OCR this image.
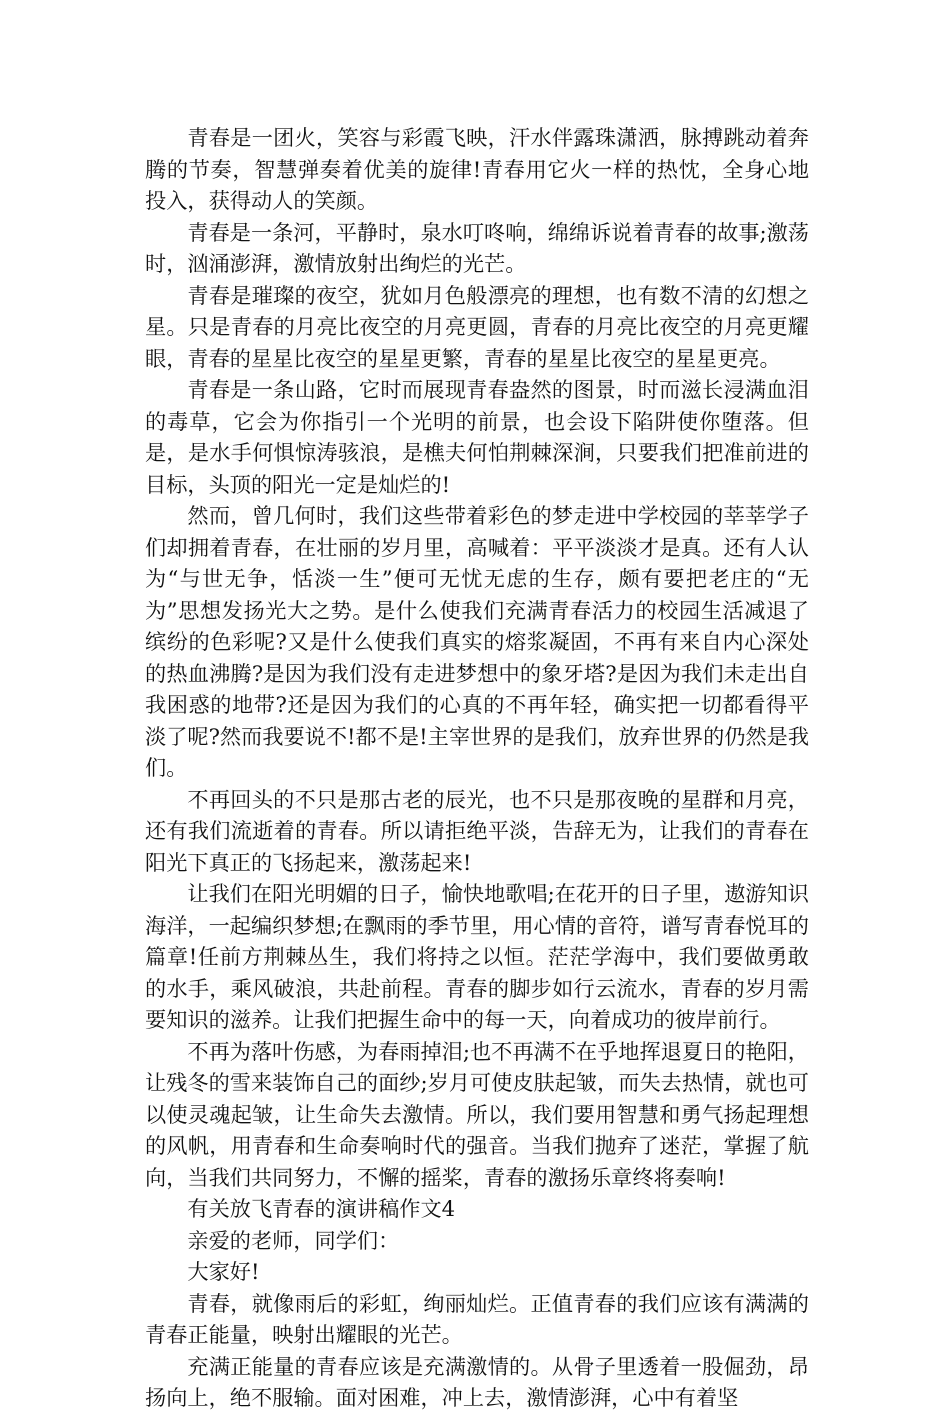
青春是一团火，笑容与彩霞飞映，汗水伴露珠潇洒，脉搏跳动着奔腾的节奏，智慧弹奏着优美的旋律!青春用它火一样的热忱，全身心地投入，获得动人的笑颜。

青春是一条河，平静时，泉水叮咚响，绵绵诉说着青春的故事;激荡时，汹涌澎湃，激情放射出绚烂的光芒。

青春是璀璨的夜空，犹如月色般漂亮的理想，也有数不清的幻想之星。只是青春的月亮比夜空的月亮更圆，青春的月亮比夜空的月亮更耀眼，青春的星星比夜空的星星更繁，青春的星星比夜空的星星更亮。

青春是一条山路，它时而展现青春盎然的图景，时而滋长浸满血泪的毒草，它会为你指引一个光明的前景，也会设下陷阱使你堕落。但是，是水手何惧惊涛骇浪，是樵夫何怕荆棘深涧，只要我们把准前进的目标，头顶的阳光一定是灿烂的!

然而，曾几何时，我们这些带着彩色的梦走进中学校园的莘莘学子们却拥着青春，在壮丽的岁月里，高喊着：平平淡淡才是真。还有人认为“与世无争，恬淡一生”便可无忧无虑的生存，颇有要把老庄的“无为”思想发扬光大之势。是什么使我们充满青春活力的校园生活减退了缤纷的色彩呢?又是什么使我们真实的熔浆凝固，不再有来自内心深处的热血沸腾?是因为我们没有走进梦想中的象牙塔?是因为我们未走出自我困惑的地带?还是因为我们的心真的不再年轻，确实把一切都看得平淡了呢?然而我要说不!都不是!主宰世界的是我们，放弃世界的仍然是我们。

不再回头的不只是那古老的辰光，也不只是那夜晚的星群和月亮，还有我们流逝着的青春。所以请拒绝平淡，告辞无为，让我们的青春在阳光下真正的飞扬起来，激荡起来!

让我们在阳光明媚的日子，愉快地歌唱;在花开的日子里，遨游知识海洋，一起编织梦想;在飘雨的季节里，用心情的音符，谱写青春悦耳的篇章!任前方荆棘丛生，我们将持之以恒。茫茫学海中，我们要做勇敢的水手，乘风破浪，共赴前程。青春的脚步如行云流水，青春的岁月需要知识的滋养。让我们把握生命中的每一天，向着成功的彼岸前行。

不再为落叶伤感，为春雨掉泪;也不再满不在乎地挥退夏日的艳阳，让残冬的雪来装饰自己的面纱;岁月可使皮肤起皱，而失去热情，就也可以使灵魂起皱，让生命失去激情。所以，我们要用智慧和勇气扬起理想的风帆，用青春和生命奏响时代的强音。当我们抛弃了迷茫，掌握了航向，当我们共同努力，不懈的摇桨，青春的激扬乐章终将奏响!

有关放飞青春的演讲稿作文4

亲爱的老师，同学们：

大家好!

青春，就像雨后的彩虹，绚丽灿烂。正值青春的我们应该有满满的青春正能量，映射出耀眼的光芒。

充满正能量的青春应该是充满激情的。从骨子里透着一股倔劲，昂扬向上，绝不服输。面对困难，冲上去，激情澎湃，心中有着坚
